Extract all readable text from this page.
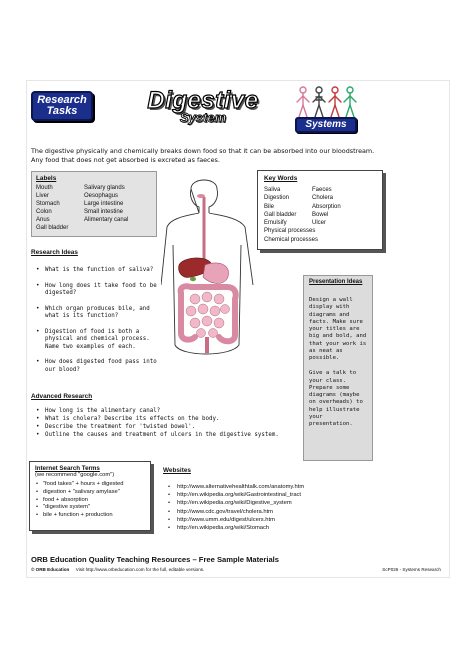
Research
Tasks	Digestive
System	Systems
The digestive physically and chemically breaks down food so that it can be absorbed into our bloodstream.
Any food that does not get absorbed is excreted as faeces.
Labels
Mouth	Salivary glands
Liver	Oesophagus
Stomach	Large intestine
Colon	Small intestine
Anus	Alimentary canal
Gall bladder
Key Words
Saliva	Faeces
Digestion	Cholera
Bile	Absorption
Gall bladder	Bowel
Emulsify	Ulcer
Physical processes
Chemical processes
Research Ideas
• What is the function of saliva?
• How long does it take food to be digested?
• Which organ produces bile, and what is its function?
• Digestion of food is both a physical and chemical process. Name two examples of each.
• How does digested food pass into our blood?
Presentation Ideas

Design a wall display with diagrams and facts. Make sure your titles are big and bold, and that your work is as neat as possible.

Give a talk to your class. Prepare some diagrams (maybe on overheads) to help illustrate your presentation.

Advanced Research
• How long is the alimentary canal?
• What is cholera? Describe its effects on the body.
• Describe the treatment for 'twisted bowel'.
• Outline the causes and treatment of ulcers in the digestive system.
Internet Search Terms
(we recommend "google.com")
• "food takes" + hours + digested
• digestion + "salivary amylase"
• food + absorption
• "digestive system"
• bile + function + production
Websites
• http://www.alternativehealthtalk.com/anatomy.htm
• http://en.wikipedia.org/wiki/Gastrointestinal_tract
• http://en.wikipedia.org/wiki/Digestive_system
• http://www.cdc.gov/travel/cholera.htm
• http://www.umm.edu/digest/ulcers.htm
• http://en.wikipedia.org/wiki/Stomach
ORB Education Quality Teaching Resources – Free Sample Materials
© ORB Education Visit http://www.orbeducation.com for the full, editable versions.	ScP026 - Systems Research
